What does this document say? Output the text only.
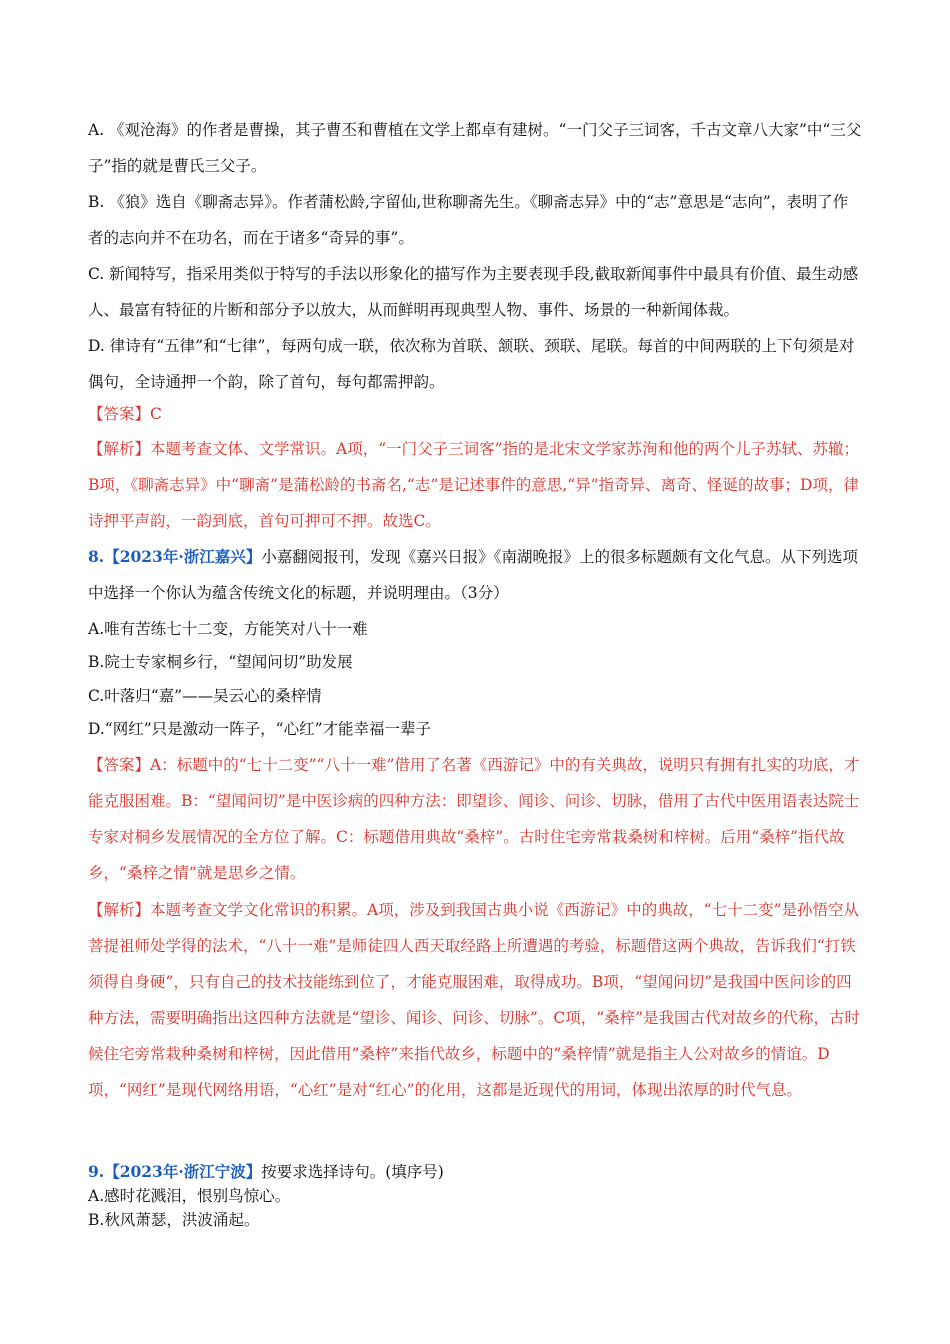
A. 《观沧海》的作者是曹操，其子曹丕和曹植在文学上都卓有建树。“一门父子三词客，千古文章八大家”中“三父子”指的就是曹氏三父子。

B. 《狼》选自《聊斋志异》。作者蒲松龄,字留仙,世称聊斋先生。《聊斋志异》中的“志”意思是“志向”，表明了作者的志向并不在功名，而在于诸多“奇异的事”。

C. 新闻特写，指采用类似于特写的手法以形象化的描写作为主要表现手段,截取新闻事件中最具有价值、最生动感人、最富有特征的片断和部分予以放大，从而鲜明再现典型人物、事件、场景的一种新闻体裁。

D. 律诗有“五律”和“七律”，每两句成一联，依次称为首联、颔联、颈联、尾联。每首的中间两联的上下句须是对偶句，全诗通押一个韵，除了首句，每句都需押韵。

【答案】C

【解析】本题考查文体、文学常识。A项，“一门父子三词客”指的是北宋文学家苏洵和他的两个儿子苏轼、苏辙；B项，《聊斋志异》中“聊斋”是蒲松龄的书斋名,“志”是记述事件的意思,“异”指奇异、离奇、怪诞的故事；D项，律诗押平声韵，一韵到底，首句可押可不押。故选C。

8.【2023年·浙江嘉兴】小嘉翻阅报刊，发现《嘉兴日报》《南湖晚报》上的很多标题颇有文化气息。从下列选项中选择一个你认为蕴含传统文化的标题，并说明理由。（3分）

A.唯有苦练七十二变，方能笑对八十一难

B.院士专家桐乡行，“望闻问切”助发展

C.叶落归“嘉”——吴云心的桑梓情

D.“网红”只是激动一阵子，“心红”才能幸福一辈子

【答案】A：标题中的“七十二变”“八十一难”借用了名著《西游记》中的有关典故，说明只有拥有扎实的功底，才能克服困难。B：“望闻问切”是中医诊病的四种方法：即望诊、闻诊、问诊、切脉，借用了古代中医用语表达院士专家对桐乡发展情况的全方位了解。C：标题借用典故“桑梓”。古时住宅旁常栽桑树和梓树。后用“桑梓”指代故乡，“桑梓之情”就是思乡之情。

【解析】本题考查文学文化常识的积累。A项，涉及到我国古典小说《西游记》中的典故，“七十二变”是孙悟空从菩提祖师处学得的法术，“八十一难”是师徒四人西天取经路上所遭遇的考验，标题借这两个典故，告诉我们“打铁须得自身硬”，只有自己的技术技能练到位了，才能克服困难，取得成功。B项，“望闻问切”是我国中医问诊的四种方法，需要明确指出这四种方法就是“望诊、闻诊、问诊、切脉”。C项，“桑梓”是我国古代对故乡的代称，古时候住宅旁常栽种桑树和梓树，因此借用“桑梓”来指代故乡，标题中的“桑梓情”就是指主人公对故乡的情谊。D项，“网红”是现代网络用语，“心红”是对“红心”的化用，这都是近现代的用词，体现出浓厚的时代气息。

9.【2023年·浙江宁波】按要求选择诗句。(填序号)

A.感时花溅泪，恨别鸟惊心。

B.秋风萧瑟，洪波涌起。
